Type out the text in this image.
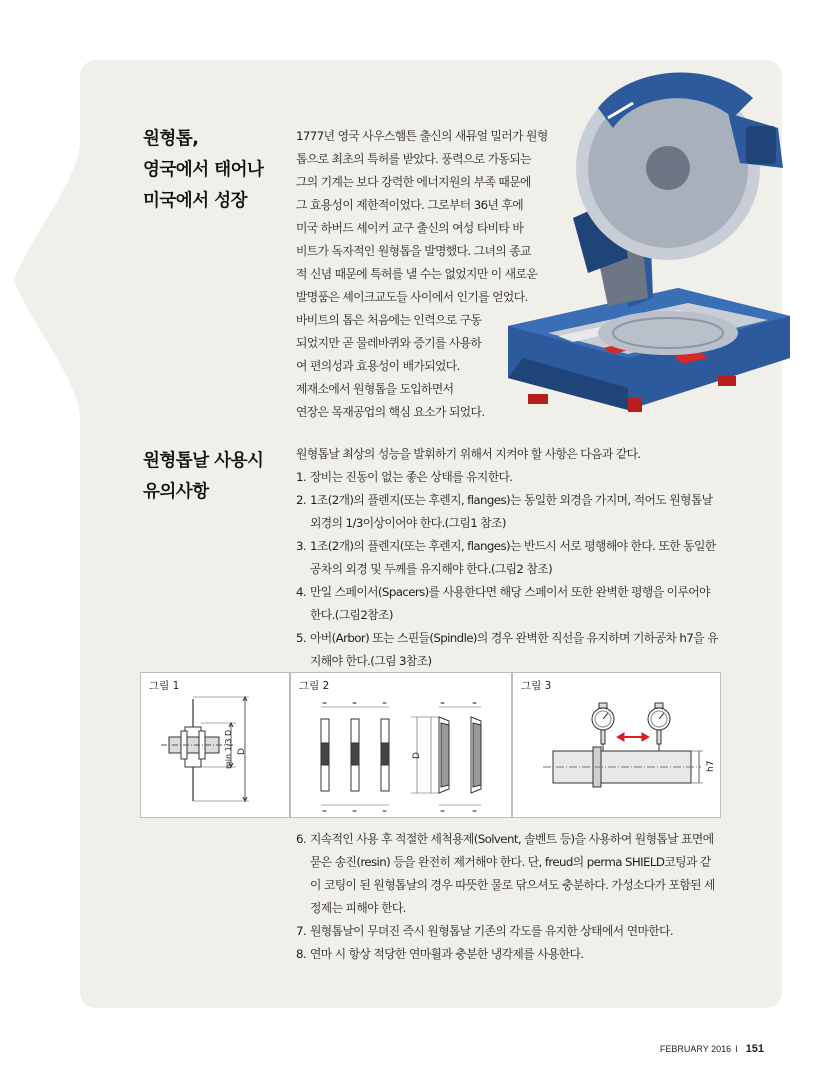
원형톱,
영국에서 태어나
미국에서 성장
1777년 영국 사우스햄튼 출신의 새뮤얼 밀러가 원형
톱으로 최초의 특허를 받았다. 풍력으로 가동되는
그의 기계는 보다 강력한 에너지원의 부족 때문에
그 효용성이 제한적이었다. 그로부터 36년 후에
미국 하버드 셰이커 교구 출신의 여성 타비타 바
비트가 독자적인 원형톱을 발명했다. 그녀의 종교
적 신념 때문에 특허를 낼 수는 없었지만 이 새로운
발명품은 셰이크교도들 사이에서 인기를 얻었다.
바비트의 톱은 처음에는 인력으로 구동
되었지만 곧 물레바퀴와 증기를 사용하
여 편의성과 효용성이 배가되었다.
제재소에서 원형톱을 도입하면서
연장은 목재공업의 핵심 요소가 되었다.
원형톱날 사용시
유의사항
원형톱날 최상의 성능을 발휘하기 위해서 지켜야 할 사항은 다음과 같다.
1. 장비는 진동이 없는 좋은 상태를 유지한다.
2. 1조(2개)의 플렌지(또는 후렌지, flanges)는 동일한 외경을 가지며, 적어도 원형톱날
외경의 1/3이상이어야 한다.(그림1 참조)
3. 1조(2개)의 플렌지(또는 후렌지, flanges)는 반드시 서로 평행해야 한다. 또한 동일한
공차의 외경 및 두께를 유지해야 한다.(그림2 참조)
4. 만일 스페이서(Spacers)를 사용한다면 해당 스페이서 또한 완벽한 평행을 이루어야
한다.(그림2참조)
5. 아버(Arbor) 또는 스핀들(Spindle)의 경우 완벽한 직선을 유지하며 기하공차 h7을 유
지해야 한다.(그림 3참조)
그림 1
min 1/3 D D
그림 2
=	=	=	=	=
=	=	=	=	=
D
그림 3
h7
6. 지속적인 사용 후 적절한 세척용제(Solvent, 솔벤트 등)을 사용하여 원형톱날 표면에
묻은 송진(resin) 등을 완전히 제거해야 한다. 단, freud의 perma SHIELD코팅과 같
이 코팅이 된 원형톱날의 경우 따뜻한 물로 닦으셔도 충분하다. 가성소다가 포함된 세
정제는 피해야 한다.
7. 원형톱날이 무뎌진 즉시 원형톱날 기존의 각도를 유지한 상태에서 연마한다.
8. 연마 시 항상 적당한 연마휠과 충분한 냉각제를 사용한다.
FEBRUARY 2016 I 151
